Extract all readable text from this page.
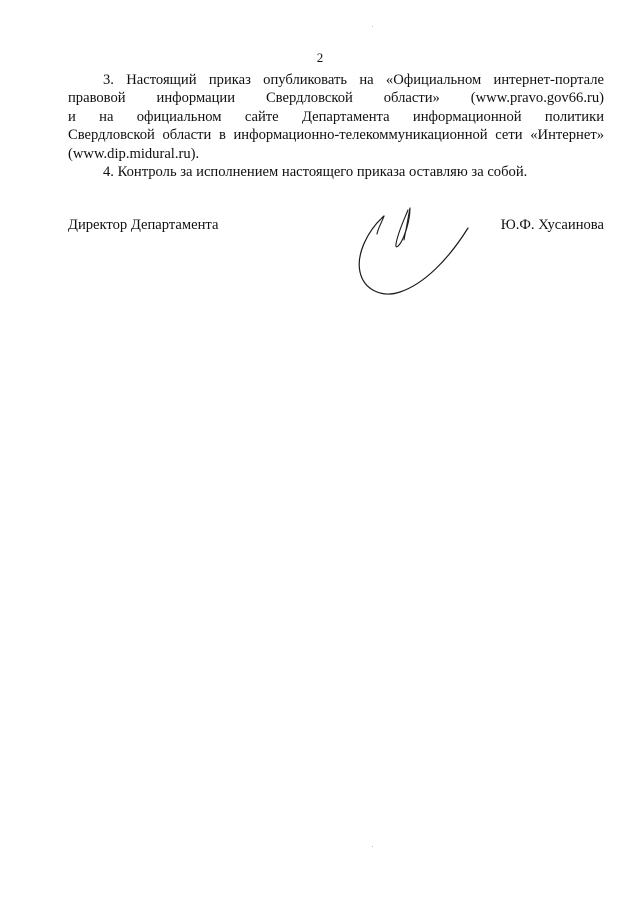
2
3. Настоящий приказ опубликовать на «Официальном интернет-портале
правовой информации Свердловской области» (www.pravo.gov66.ru)
и на официальном сайте Департамента информационной политики
Свердловской области в информационно-телекоммуникационной сети «Интернет»
(www.dip.midural.ru).
4. Контроль за исполнением настоящего приказа оставляю за собой.
Директор Департамента	Ю.Ф. Хусаинова
